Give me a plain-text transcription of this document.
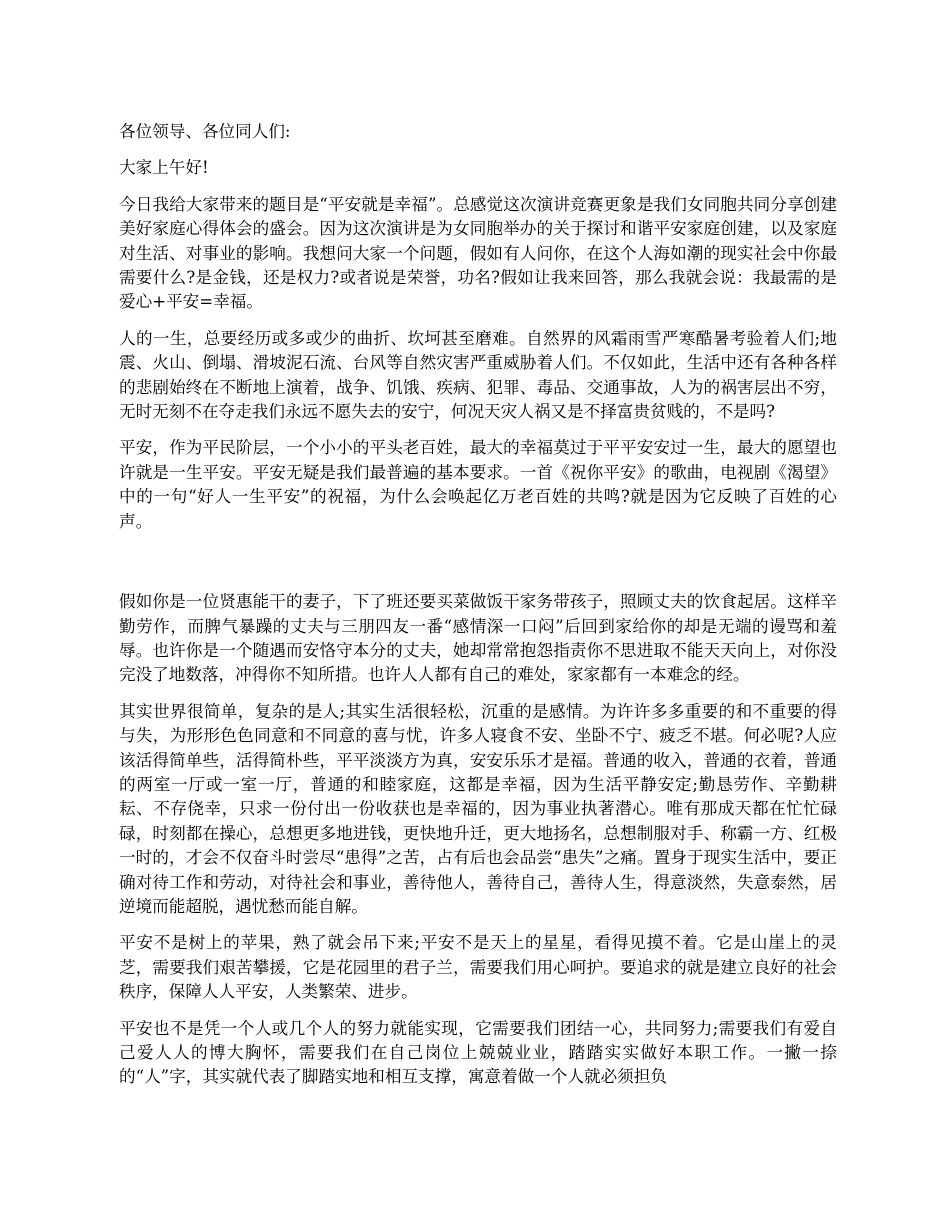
各位领导、各位同人们:

大家上午好!

今日我给大家带来的题目是“平安就是幸福”。总感觉这次演讲竞赛更象是我们女同胞共同分享创建美好家庭心得体会的盛会。因为这次演讲是为女同胞举办的关于探讨和谐平安家庭创建，以及家庭对生活、对事业的影响。我想问大家一个问题，假如有人问你，在这个人海如潮的现实社会中你最需要什么?是金钱，还是权力?或者说是荣誉，功名?假如让我来回答，那么我就会说：我最需的是爱心+平安=幸福。

人的一生，总要经历或多或少的曲折、坎坷甚至磨难。自然界的风霜雨雪严寒酷暑考验着人们;地震、火山、倒塌、滑坡泥石流、台风等自然灾害严重威胁着人们。不仅如此，生活中还有各种各样的悲剧始终在不断地上演着，战争、饥饿、疾病、犯罪、毒品、交通事故，人为的祸害层出不穷，无时无刻不在夺走我们永远不愿失去的安宁，何况天灾人祸又是不择富贵贫贱的，不是吗?

平安，作为平民阶层，一个小小的平头老百姓，最大的幸福莫过于平平安安过一生，最大的愿望也许就是一生平安。平安无疑是我们最普遍的基本要求。一首《祝你平安》的歌曲，电视剧《渴望》中的一句“好人一生平安”的祝福，为什么会唤起亿万老百姓的共鸣?就是因为它反映了百姓的心声。

假如你是一位贤惠能干的妻子，下了班还要买菜做饭干家务带孩子，照顾丈夫的饮食起居。这样辛勤劳作，而脾气暴躁的丈夫与三朋四友一番“感情深一口闷”后回到家给你的却是无端的谩骂和羞辱。也许你是一个随遇而安恪守本分的丈夫，她却常常抱怨指责你不思进取不能天天向上，对你没完没了地数落，冲得你不知所措。也许人人都有自己的难处，家家都有一本难念的经。

其实世界很简单，复杂的是人;其实生活很轻松，沉重的是感情。为许许多多重要的和不重要的得与失，为形形色色同意和不同意的喜与忧，许多人寝食不安、坐卧不宁、疲乏不堪。何必呢?人应该活得简单些，活得简朴些，平平淡淡方为真，安安乐乐才是福。普通的收入，普通的衣着，普通的两室一厅或一室一厅，普通的和睦家庭，这都是幸福，因为生活平静安定;勤恳劳作、辛勤耕耘、不存侥幸，只求一份付出一份收获也是幸福的，因为事业执著潜心。唯有那成天都在忙忙碌碌，时刻都在操心，总想更多地进钱，更快地升迁，更大地扬名，总想制服对手、称霸一方、红极一时的，才会不仅奋斗时尝尽“患得”之苦，占有后也会品尝“患失”之痛。置身于现实生活中，要正确对待工作和劳动，对待社会和事业，善待他人，善待自己，善待人生，得意淡然，失意泰然，居逆境而能超脱，遇忧愁而能自解。

平安不是树上的苹果，熟了就会吊下来;平安不是天上的星星，看得见摸不着。它是山崖上的灵芝，需要我们艰苦攀援，它是花园里的君子兰，需要我们用心呵护。要追求的就是建立良好的社会秩序，保障人人平安，人类繁荣、进步。

平安也不是凭一个人或几个人的努力就能实现，它需要我们团结一心，共同努力;需要我们有爱自己爱人人的博大胸怀，需要我们在自己岗位上兢兢业业，踏踏实实做好本职工作。一撇一捺的“人”字，其实就代表了脚踏实地和相互支撑，寓意着做一个人就必须担负
